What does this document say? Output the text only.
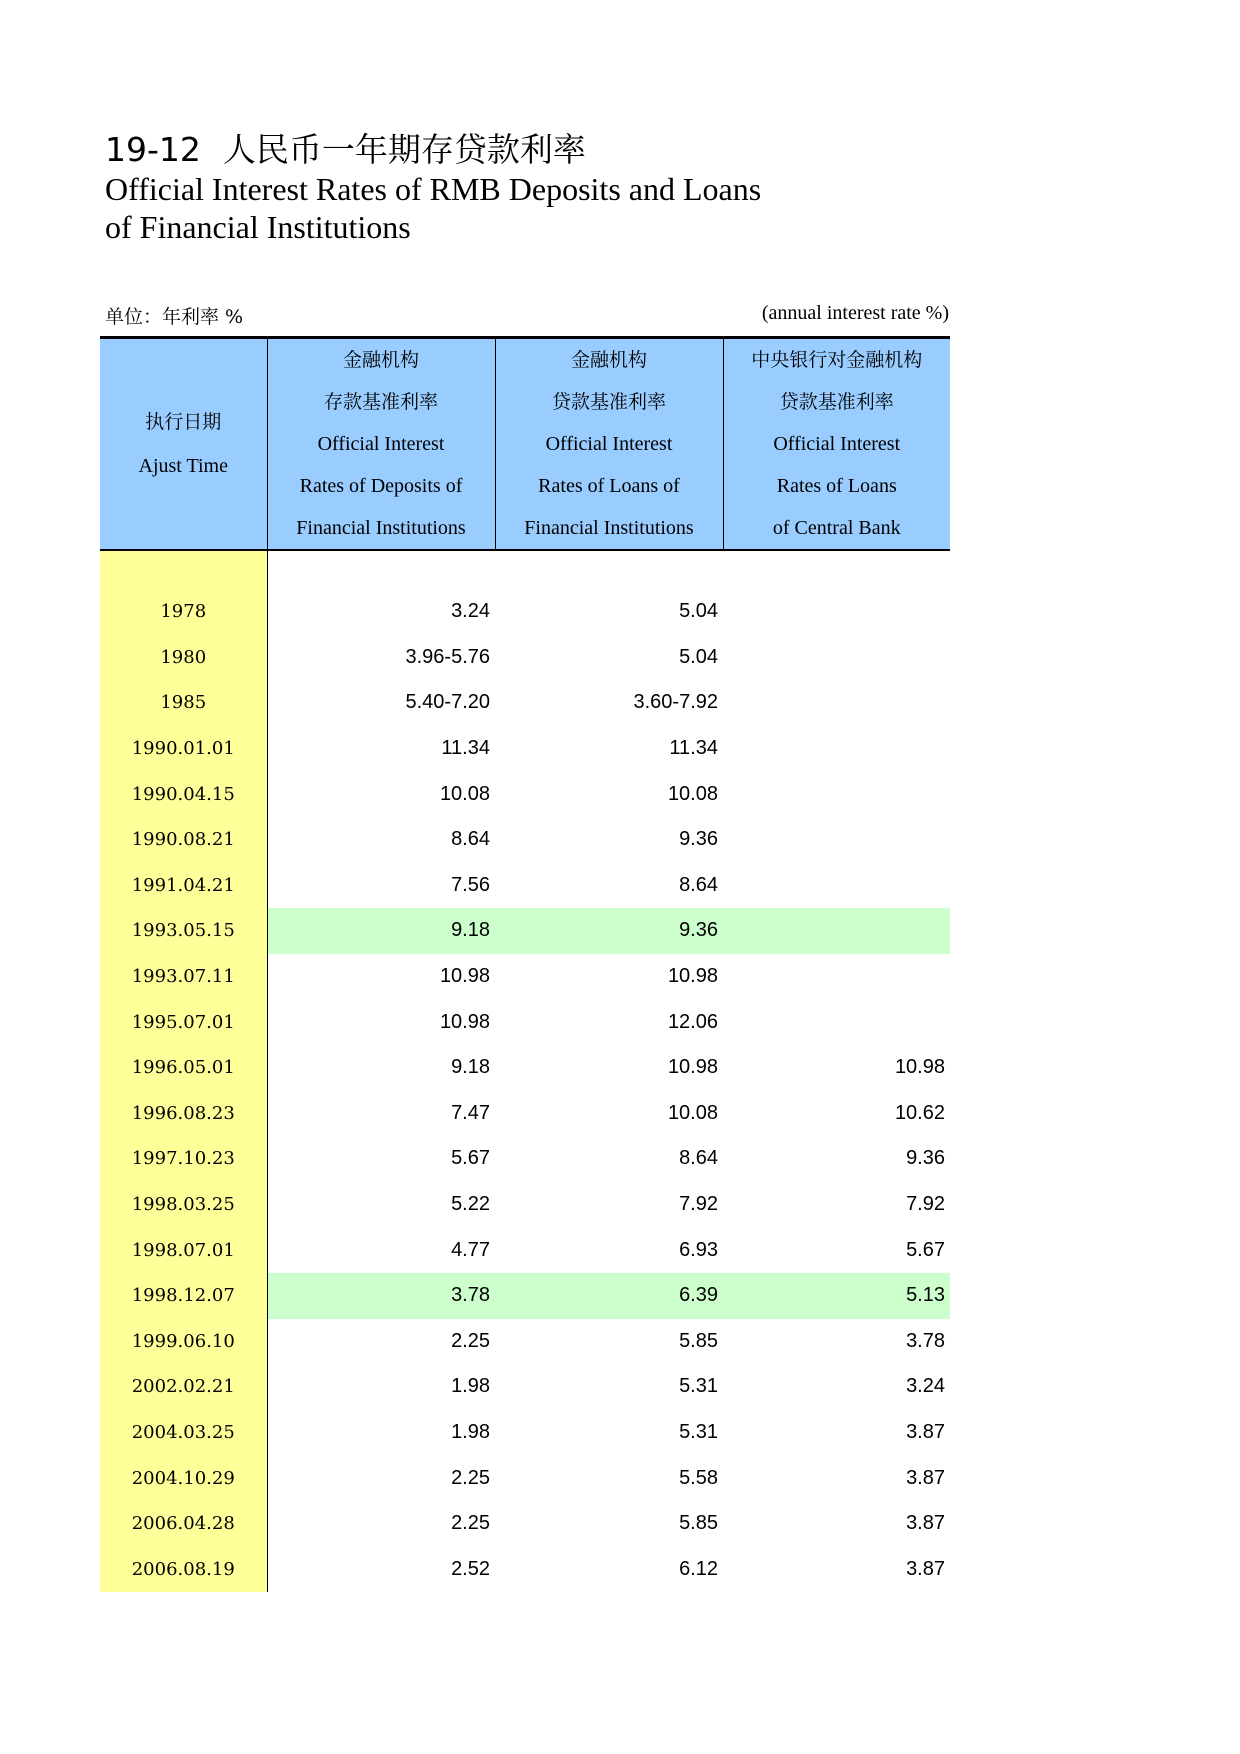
19-12 人民币一年期存贷款利率
Official Interest Rates of RMB Deposits and Loans
of Financial Institutions
单位：年利率 %	(annual interest rate %)
执行日期
Ajust Time	金融机构
存款基准利率
Official Interest
Rates of Deposits of
Financial Institutions	金融机构
贷款基准利率
Official Interest
Rates of Loans of
Financial Institutions	中央银行对金融机构
贷款基准利率
Official Interest
Rates of Loans
of Central Bank

1978	3.24	5.04	
1980	3.96-5.76	5.04	
1985	5.40-7.20	3.60-7.92	
1990.01.01	11.34	11.34	
1990.04.15	10.08	10.08	
1990.08.21	8.64	9.36	
1991.04.21	7.56	8.64	
1993.05.15	9.18	9.36	
1993.07.11	10.98	10.98	
1995.07.01	10.98	12.06	
1996.05.01	9.18	10.98	10.98
1996.08.23	7.47	10.08	10.62
1997.10.23	5.67	8.64	9.36
1998.03.25	5.22	7.92	7.92
1998.07.01	4.77	6.93	5.67
1998.12.07	3.78	6.39	5.13
1999.06.10	2.25	5.85	3.78
2002.02.21	1.98	5.31	3.24
2004.03.25	1.98	5.31	3.87
2004.10.29	2.25	5.58	3.87
2006.04.28	2.25	5.85	3.87
2006.08.19	2.52	6.12	3.87
